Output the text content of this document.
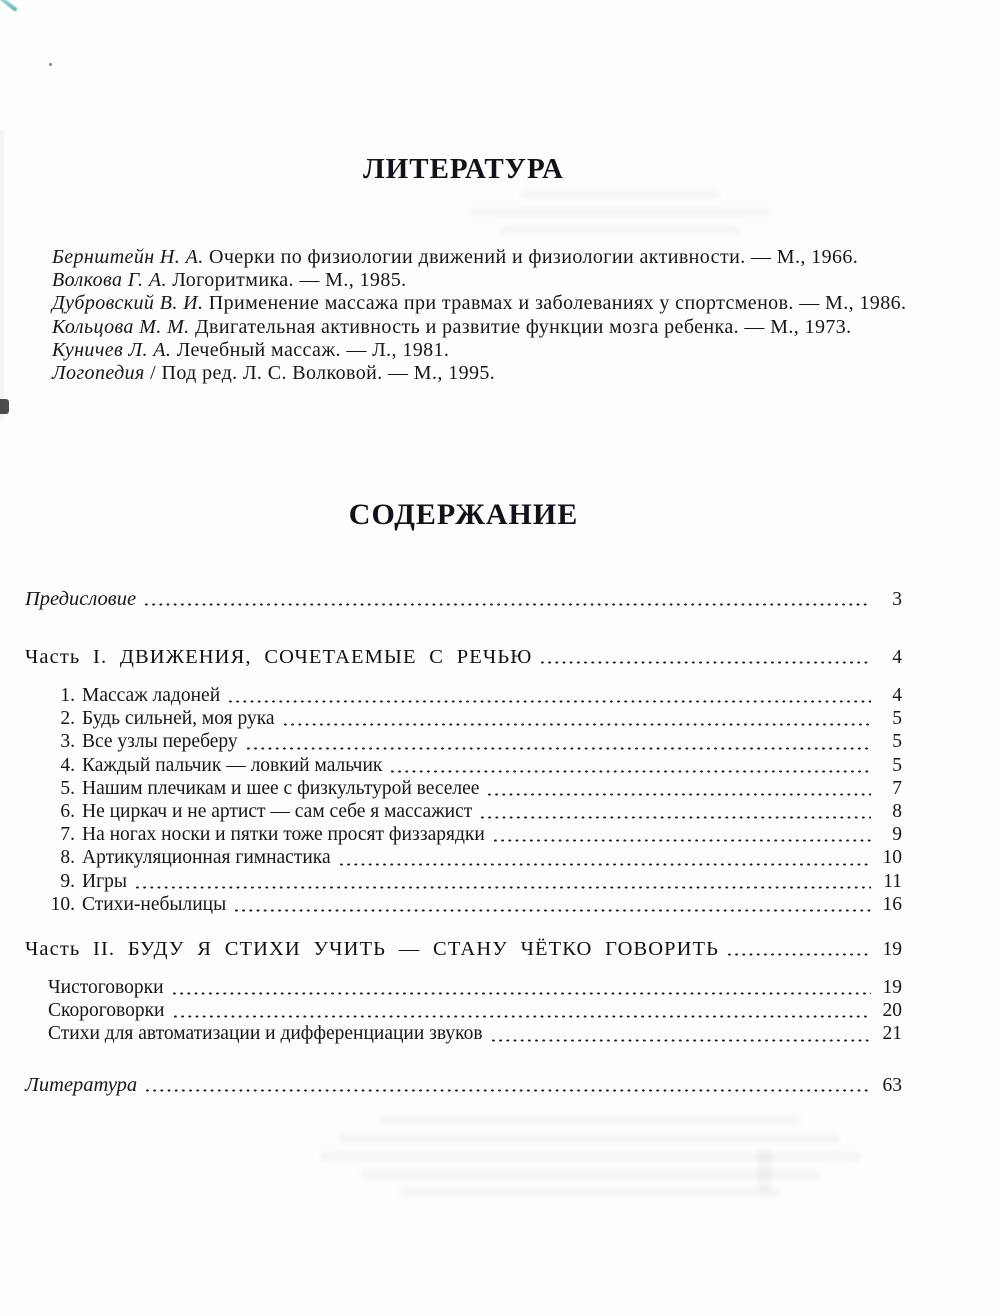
ЛИТЕРАТУРА
Бернштейн Н. А. Очерки по физиологии движений и физиологии активности. — М., 1966.
Волкова Г. А. Логоритмика. — М., 1985.
Дубровский В. И. Применение массажа при травмах и заболеваниях у спортсменов. — М., 1986.
Кольцова М. М. Двигательная активность и развитие функции мозга ребенка. — М., 1973.
Куничев Л. А. Лечебный массаж. — Л., 1981.
Логопедия / Под ред. Л. С. Волковой. — М., 1995.
СОДЕРЖАНИЕ
Предисловие	3
Часть I. ДВИЖЕНИЯ, СОЧЕТАЕМЫЕ С РЕЧЬЮ	4
1. Массаж ладоней	4
2. Будь сильней, моя рука	5
3. Все узлы переберу	5
4. Каждый пальчик — ловкий мальчик	5
5. Нашим плечикам и шее с физкультурой веселее	7
6. Не циркач и не артист — сам себе я массажист	8
7. На ногах носки и пятки тоже просят физзарядки	9
8. Артикуляционная гимнастика	10
9. Игры	11
10. Стихи-небылицы	16
Часть II. БУДУ Я СТИХИ УЧИТЬ — СТАНУ ЧЁТКО ГОВОРИТЬ	19
Чистоговорки	19
Скороговорки	20
Стихи для автоматизации и дифференциации звуков	21
Литература	63
